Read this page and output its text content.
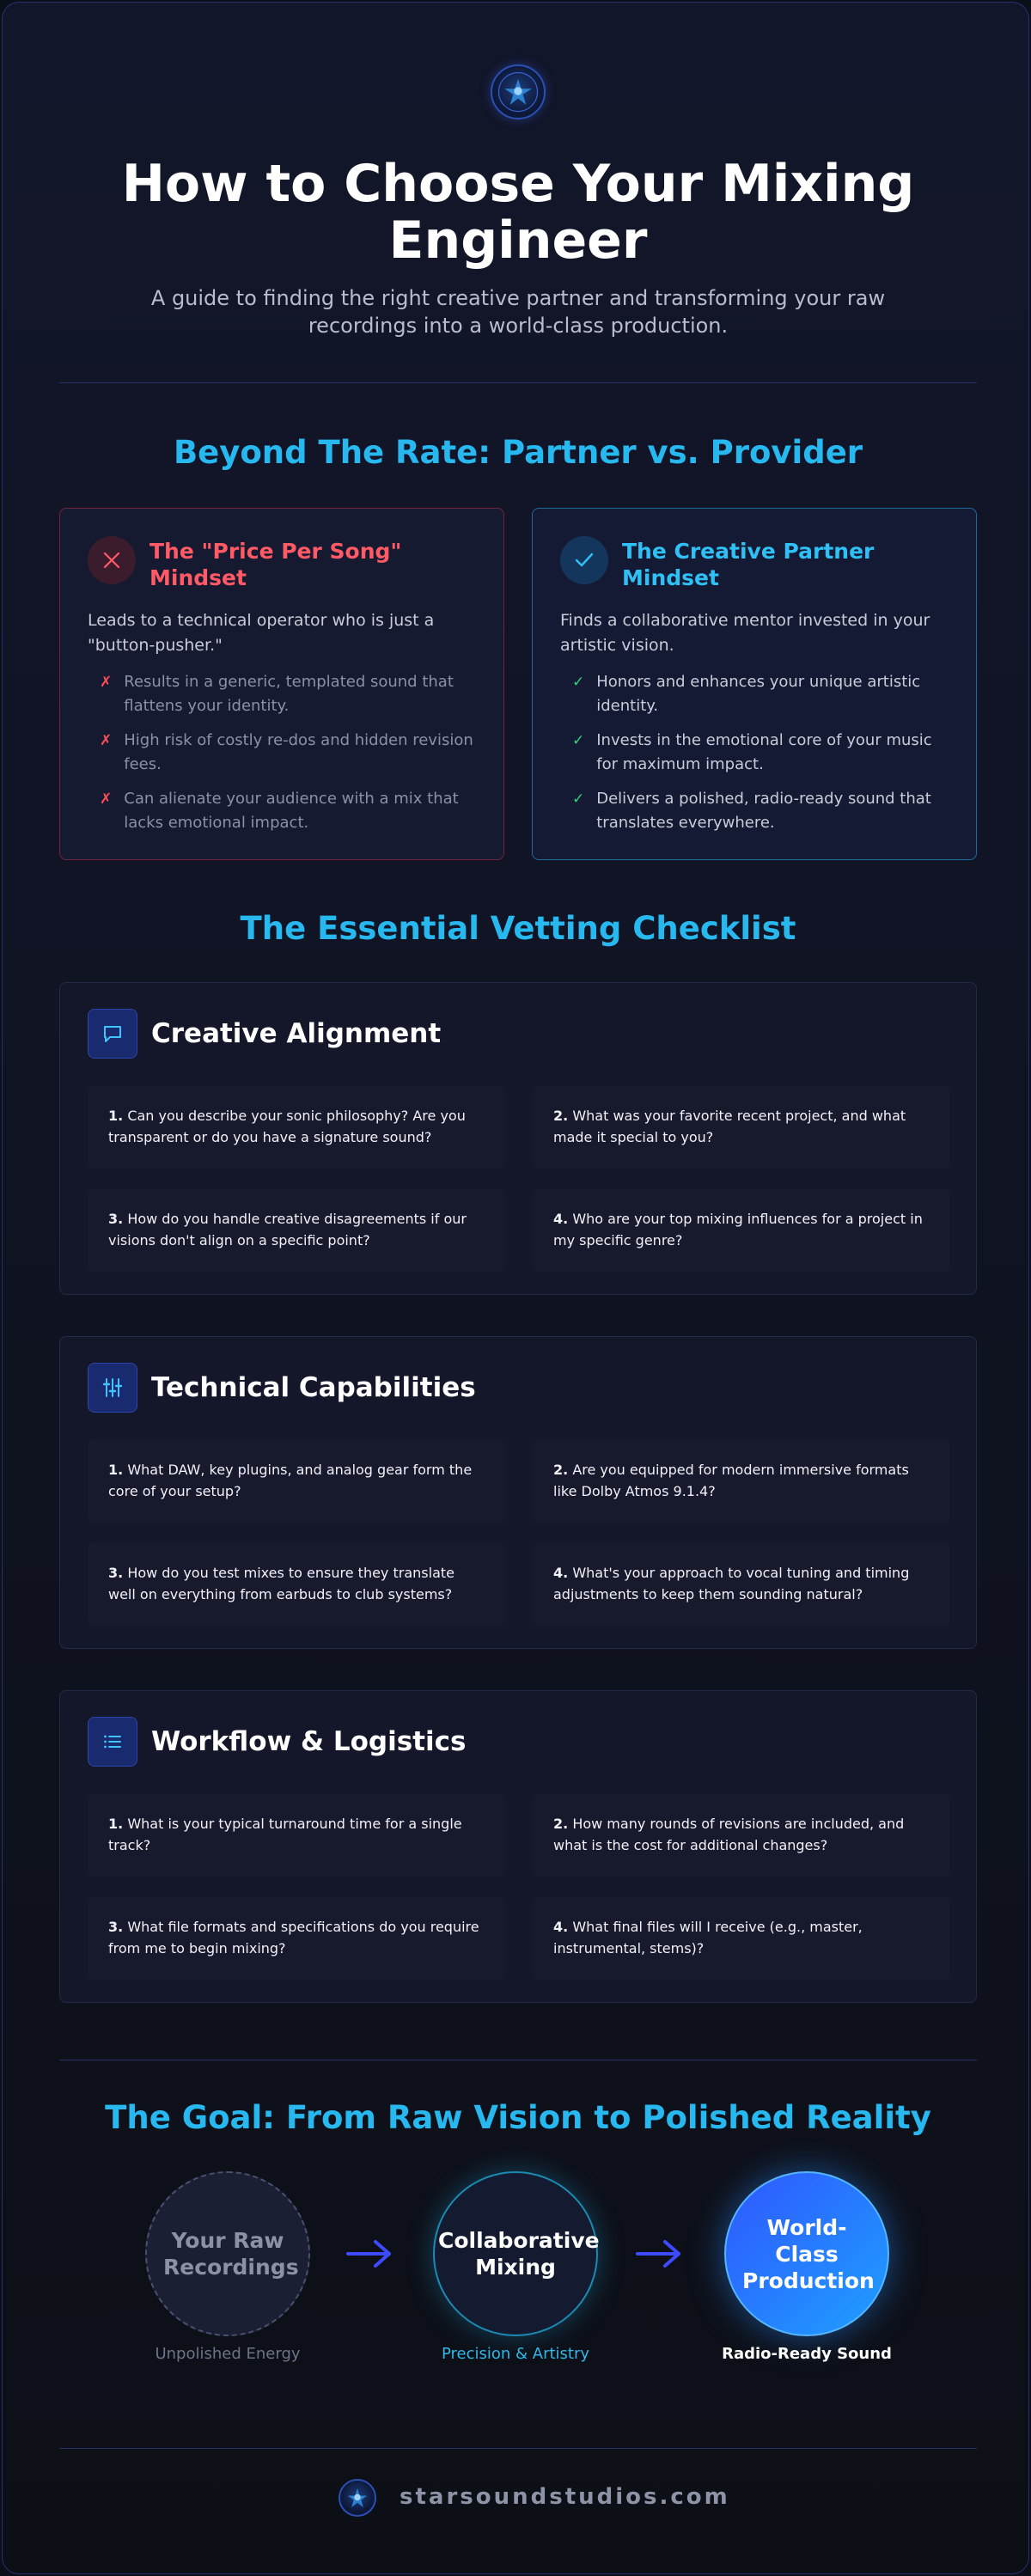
How to Choose Your Mixing Engineer
A guide to finding the right creative partner and transforming your raw recordings into a world-class production.
Beyond The Rate: Partner vs. Provider
The "Price Per Song" Mindset
Leads to a technical operator who is just a "button-pusher."
✗ Results in a generic, templated sound that flattens your identity.
✗ High risk of costly re-dos and hidden revision fees.
✗ Can alienate your audience with a mix that lacks emotional impact.
The Creative Partner Mindset
Finds a collaborative mentor invested in your artistic vision.
✓ Honors and enhances your unique artistic identity.
✓ Invests in the emotional core of your music for maximum impact.
✓ Delivers a polished, radio-ready sound that translates everywhere.
The Essential Vetting Checklist
Creative Alignment
1. Can you describe your sonic philosophy? Are you transparent or do you have a signature sound?
2. What was your favorite recent project, and what made it special to you?
3. How do you handle creative disagreements if our visions don't align on a specific point?
4. Who are your top mixing influences for a project in my specific genre?
Technical Capabilities
1. What DAW, key plugins, and analog gear form the core of your setup?
2. Are you equipped for modern immersive formats like Dolby Atmos 9.1.4?
3. How do you test mixes to ensure they translate well on everything from earbuds to club systems?
4. What's your approach to vocal tuning and timing adjustments to keep them sounding natural?
Workflow & Logistics
1. What is your typical turnaround time for a single track?
2. How many rounds of revisions are included, and what is the cost for additional changes?
3. What file formats and specifications do you require from me to begin mixing?
4. What final files will I receive (e.g., master, instrumental, stems)?
The Goal: From Raw Vision to Polished Reality
Your Raw Recordings
Collaborative Mixing
World-Class Production
Unpolished Energy	Precision & Artistry	Radio-Ready Sound
starsoundstudios.com
